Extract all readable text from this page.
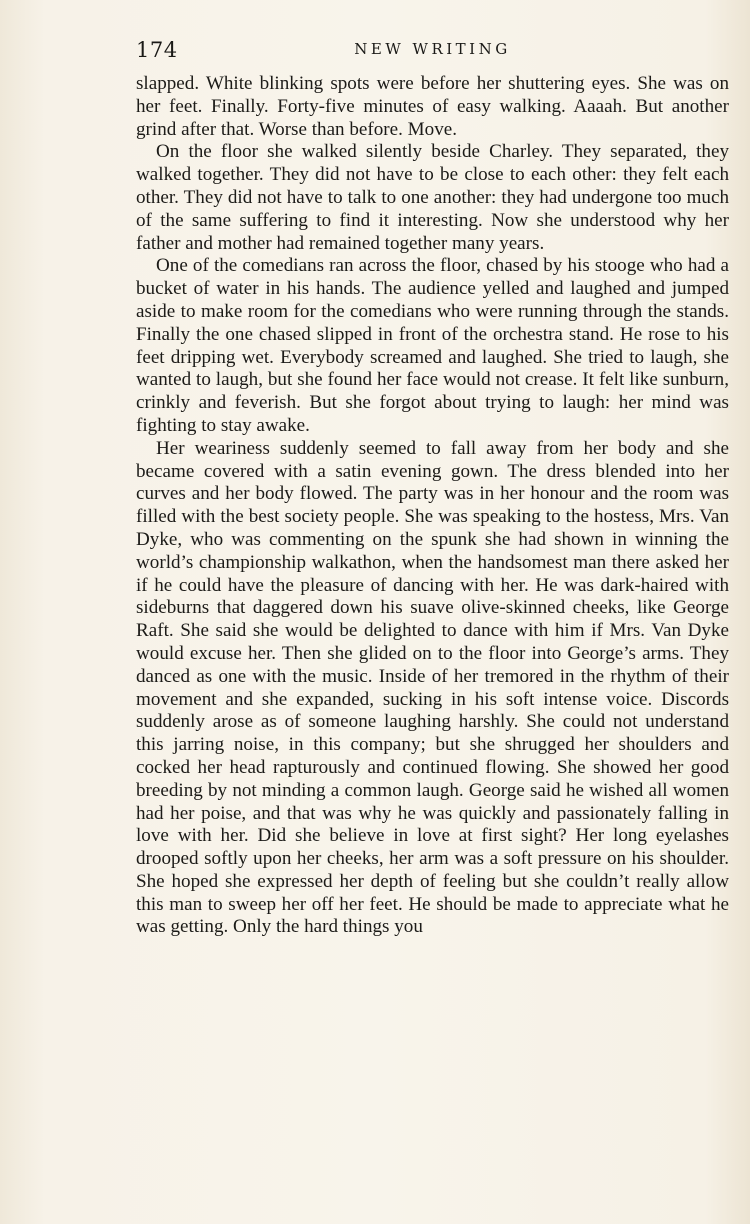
174	NEW WRITING

slapped. White blinking spots were before her shuttering eyes. She was on her feet. Finally. Forty-five minutes of easy walking. Aaaah. But another grind after that. Worse than before. Move.

On the floor she walked silently beside Charley. They separated, they walked together. They did not have to be close to each other: they felt each other. They did not have to talk to one another: they had undergone too much of the same suffering to find it interesting. Now she understood why her father and mother had remained together many years.

One of the comedians ran across the floor, chased by his stooge who had a bucket of water in his hands. The audience yelled and laughed and jumped aside to make room for the comedians who were running through the stands. Finally the one chased slipped in front of the orchestra stand. He rose to his feet dripping wet. Everybody screamed and laughed. She tried to laugh, she wanted to laugh, but she found her face would not crease. It felt like sunburn, crinkly and feverish. But she forgot about trying to laugh: her mind was fighting to stay awake.

Her weariness suddenly seemed to fall away from her body and she became covered with a satin evening gown. The dress blended into her curves and her body flowed. The party was in her honour and the room was filled with the best society people. She was speaking to the hostess, Mrs. Van Dyke, who was commenting on the spunk she had shown in winning the world’s championship walkathon, when the handsomest man there asked her if he could have the pleasure of dancing with her. He was dark-haired with sideburns that daggered down his suave olive-skinned cheeks, like George Raft. She said she would be delighted to dance with him if Mrs. Van Dyke would excuse her. Then she glided on to the floor into George’s arms. They danced as one with the music. Inside of her tremored in the rhythm of their movement and she expanded, sucking in his soft intense voice. Discords suddenly arose as of someone laughing harshly. She could not understand this jarring noise, in this company; but she shrugged her shoulders and cocked her head rapturously and continued flowing. She showed her good breeding by not minding a common laugh. George said he wished all women had her poise, and that was why he was quickly and passionately falling in love with her. Did she believe in love at first sight? Her long eyelashes drooped softly upon her cheeks, her arm was a soft pressure on his shoulder. She hoped she expressed her depth of feeling but she couldn’t really allow this man to sweep her off her feet. He should be made to appreciate what he was getting. Only the hard things you
